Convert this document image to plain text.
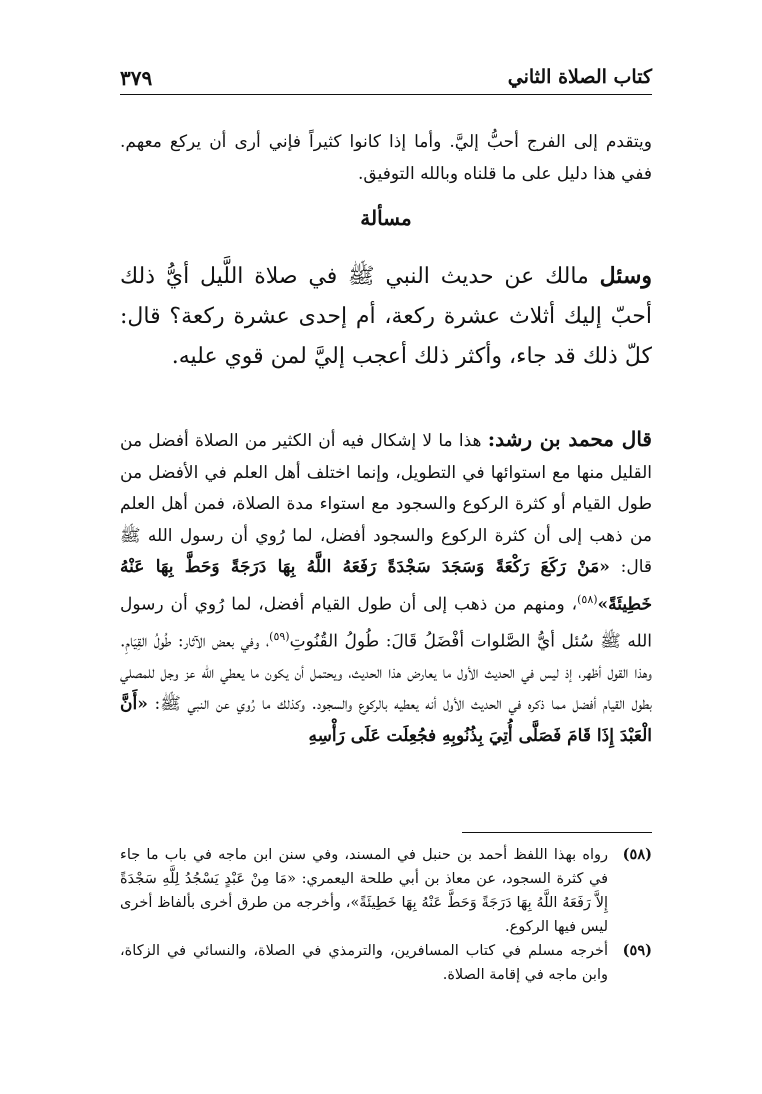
كتاب الصلاة الثاني
٣٧٩

ويتقدم إلى الفرج أحبُّ إليَّ. وأما إذا كانوا كثيراً فإني أرى أن يركع معهم. ففي هذا دليل على ما قلناه وبالله التوفيق.

مسألة

وسئل مالك عن حديث النبي ﷺ في صلاة اللَّيل أيُّ ذلك أحبّ إليك أثلاث عشرة ركعة، أم إحدى عشرة ركعة؟ قال: كلّ ذلك قد جاء، وأكثر ذلك أعجب إليَّ لمن قوي عليه.

قال محمد بن رشد: هذا ما لا إشكال فيه أن الكثير من الصلاة أفضل من القليل منها مع استوائها في التطويل، وإنما اختلف أهل العلم في الأفضل من طول القيام أو كثرة الركوع والسجود مع استواء مدة الصلاة، فمن أهل العلم من ذهب إلى أن كثرة الركوع والسجود أفضل، لما رُوي أن رسول الله ﷺ قال: «مَنْ رَكَعَ رَكْعَةً وَسَجَدَ سَجْدَةً رَفَعَهُ اللَّهُ بِهَا دَرَجَةً وَحَطَّ بِهَا عَنْهُ خَطِيئَةً»$^{(٥٨)}$، ومنهم من ذهب إلى أن طول القيام أفضل، لما رُوي أن رسول الله ﷺ سُئل أيُّ الصَّلوات أفْضَلُ قَالَ: طُولُ القُنُوتِ$^{(٥٩)}$، وفي بعض الآثار: طُولُ القِيَامِ. وهذا القول أظهر، إذ ليس في الحديث الأول ما يعارض هذا الحديث، ويحتمل أن يكون ما يعطي الله عز وجل للمصلي بطول القيام أفضل مما ذكره في الحديث الأول أنه يعطيه بالركوع والسجود. وكذلك ما رُوي عن النبي ﷺ: «أَنَّ الْعَبْدَ إِذَا قَامَ فَصَلَّى أُتِيَ بِذُنُوبِهِ فجُعِلَت عَلَى رَأْسِهِ

(٥٨)رواه بهذا اللفظ أحمد بن حنبل في المسند، وفي سنن ابن ماجه في باب ما جاء في كثرة السجود، عن معاذ بن أبي طلحة اليعمري: «مَا مِنْ عَبْدٍ يَسْجُدُ لِلَّهِ سَجْدَةً إِلاَّ رَفَعَهُ اللَّهُ بِهَا دَرَجَةً وَحَطَّ عَنْهُ بِهَا خَطِيئَةً»، وأخرجه من طرق أخرى بألفاظ أخرى ليس فيها الركوع.
(٥٩)أخرجه مسلم في كتاب المسافرين، والترمذي في الصلاة، والنسائي في الزكاة، وابن ماجه في إقامة الصلاة.
